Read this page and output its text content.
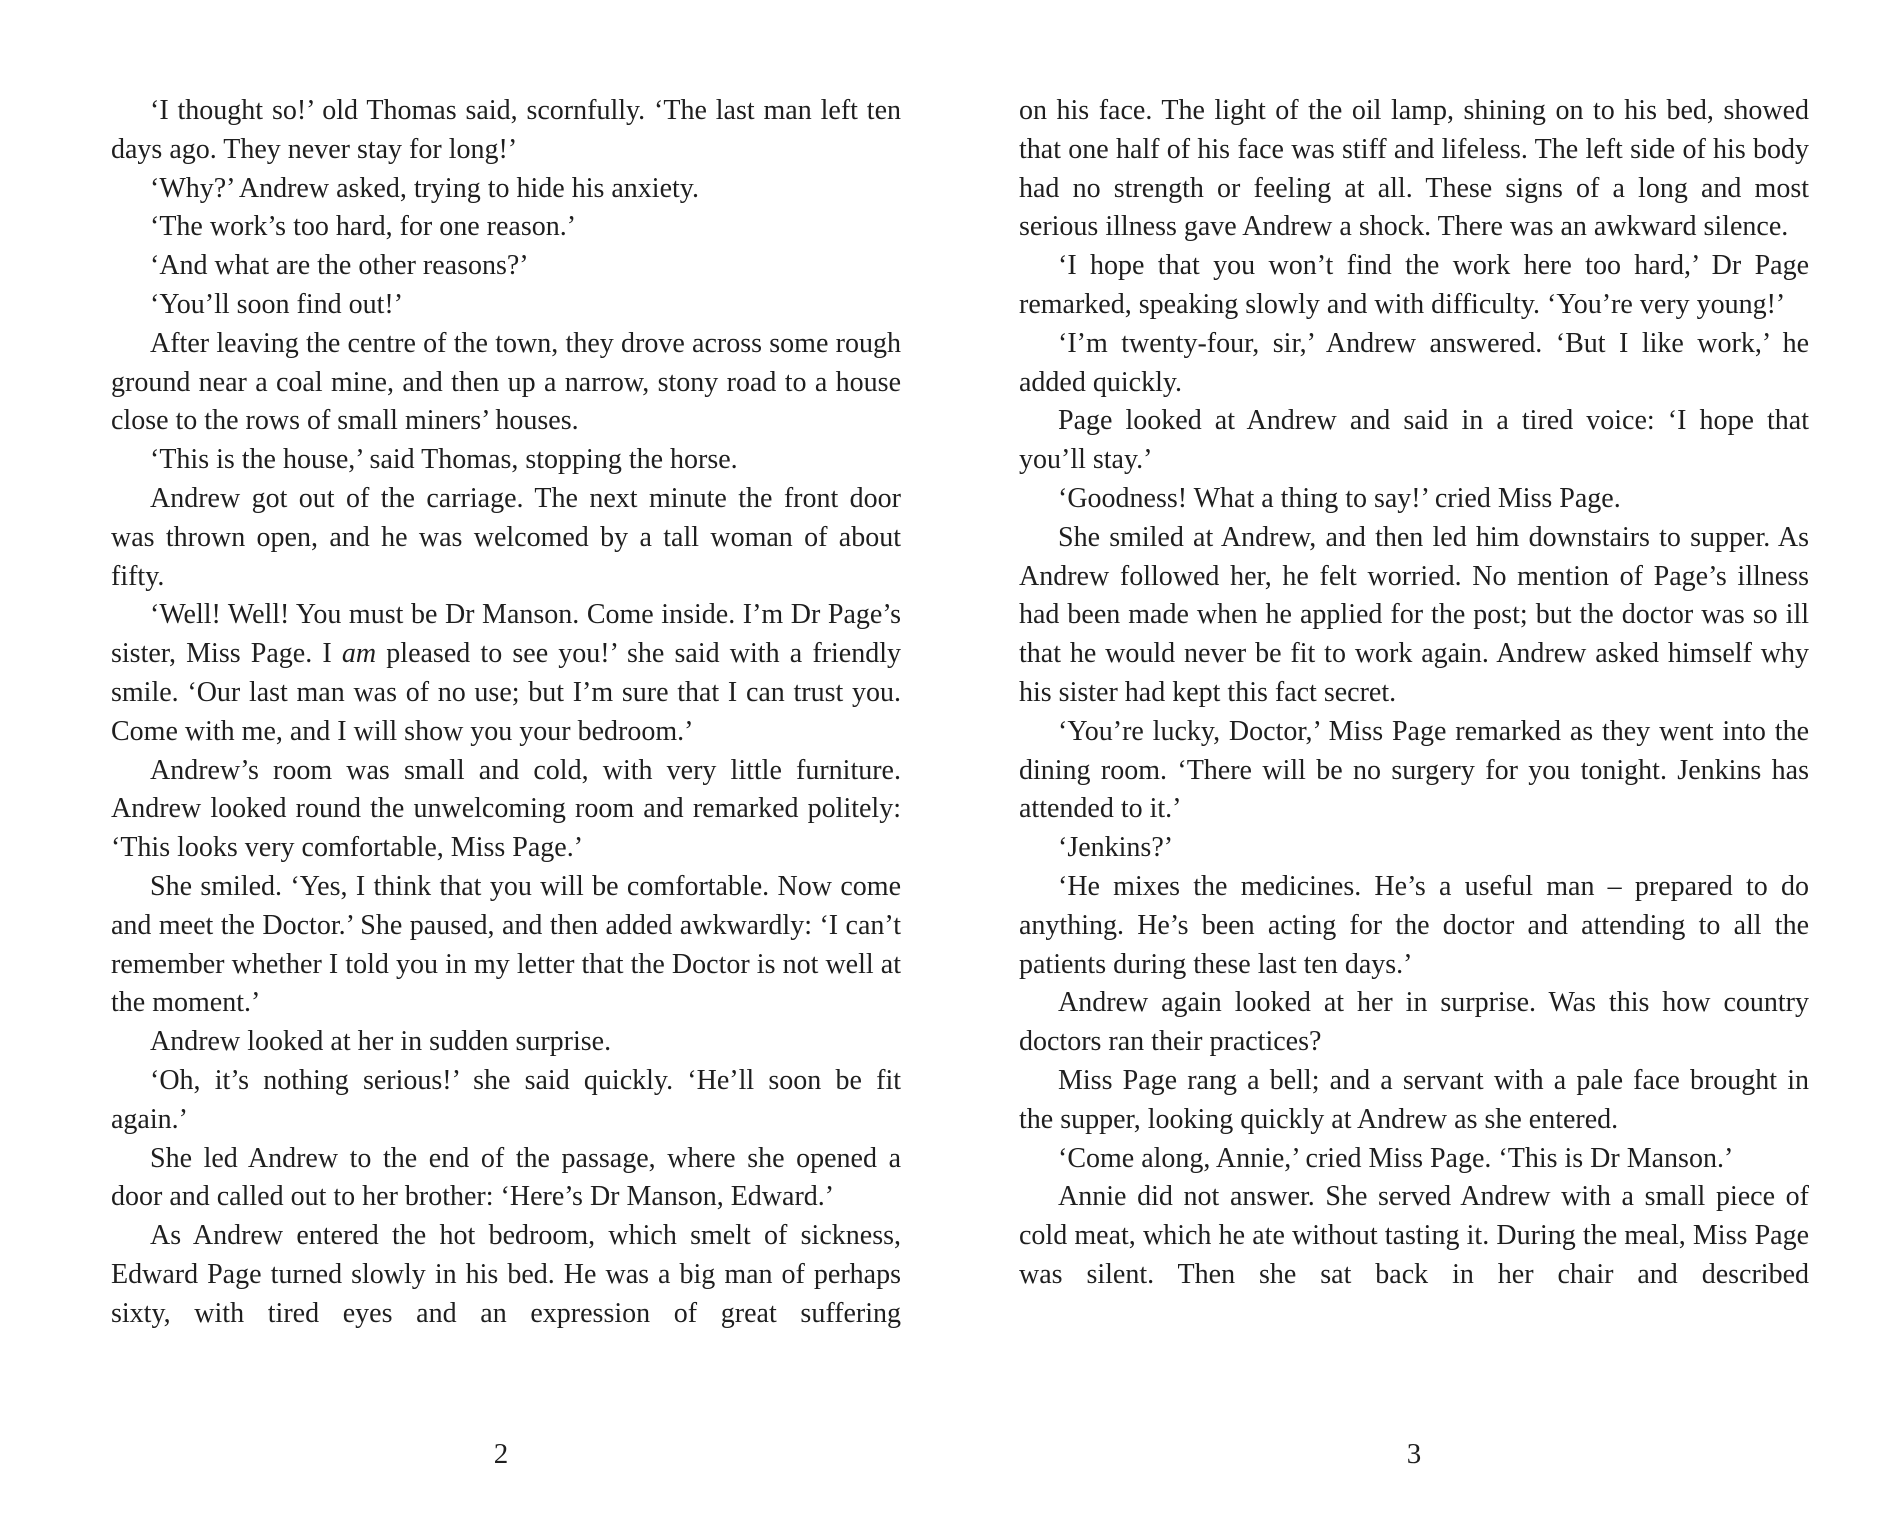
‘I thought so!’ old Thomas said, scornfully. ‘The last man left ten days ago. They never stay for long!’

‘Why?’ Andrew asked, trying to hide his anxiety.

‘The work’s too hard, for one reason.’

‘And what are the other reasons?’

‘You’ll soon find out!’

After leaving the centre of the town, they drove across some rough ground near a coal mine, and then up a narrow, stony road to a house close to the rows of small miners’ houses.

‘This is the house,’ said Thomas, stopping the horse.

Andrew got out of the carriage. The next minute the front door was thrown open, and he was welcomed by a tall woman of about fifty.

‘Well! Well! You must be Dr Manson. Come inside. I’m Dr Page’s sister, Miss Page. I am pleased to see you!’ she said with a friendly smile. ‘Our last man was of no use; but I’m sure that I can trust you. Come with me, and I will show you your bedroom.’

Andrew’s room was small and cold, with very little furniture. Andrew looked round the unwelcoming room and remarked politely: ‘This looks very comfortable, Miss Page.’

She smiled. ‘Yes, I think that you will be comfortable. Now come and meet the Doctor.’ She paused, and then added awkwardly: ‘I can’t remember whether I told you in my letter that the Doctor is not well at the moment.’

Andrew looked at her in sudden surprise.

‘Oh, it’s nothing serious!’ she said quickly. ‘He’ll soon be fit again.’

She led Andrew to the end of the passage, where she opened a door and called out to her brother: ‘Here’s Dr Manson, Edward.’

As Andrew entered the hot bedroom, which smelt of sickness, Edward Page turned slowly in his bed. He was a big man of perhaps sixty, with tired eyes and an expression of great suffering

on his face. The light of the oil lamp, shining on to his bed, showed that one half of his face was stiff and lifeless. The left side of his body had no strength or feeling at all. These signs of a long and most serious illness gave Andrew a shock. There was an awkward silence.

‘I hope that you won’t find the work here too hard,’ Dr Page remarked, speaking slowly and with difficulty. ‘You’re very young!’

‘I’m twenty-four, sir,’ Andrew answered. ‘But I like work,’ he added quickly.

Page looked at Andrew and said in a tired voice: ‘I hope that you’ll stay.’

‘Goodness! What a thing to say!’ cried Miss Page.

She smiled at Andrew, and then led him downstairs to supper. As Andrew followed her, he felt worried. No mention of Page’s illness had been made when he applied for the post; but the doctor was so ill that he would never be fit to work again. Andrew asked himself why his sister had kept this fact secret.

‘You’re lucky, Doctor,’ Miss Page remarked as they went into the dining room. ‘There will be no surgery for you tonight. Jenkins has attended to it.’

‘Jenkins?’

‘He mixes the medicines. He’s a useful man – prepared to do anything. He’s been acting for the doctor and attending to all the patients during these last ten days.’

Andrew again looked at her in surprise. Was this how country doctors ran their practices?

Miss Page rang a bell; and a servant with a pale face brought in the supper, looking quickly at Andrew as she entered.

‘Come along, Annie,’ cried Miss Page. ‘This is Dr Manson.’

Annie did not answer. She served Andrew with a small piece of cold meat, which he ate without tasting it. During the meal, Miss Page was silent. Then she sat back in her chair and described

2	3
